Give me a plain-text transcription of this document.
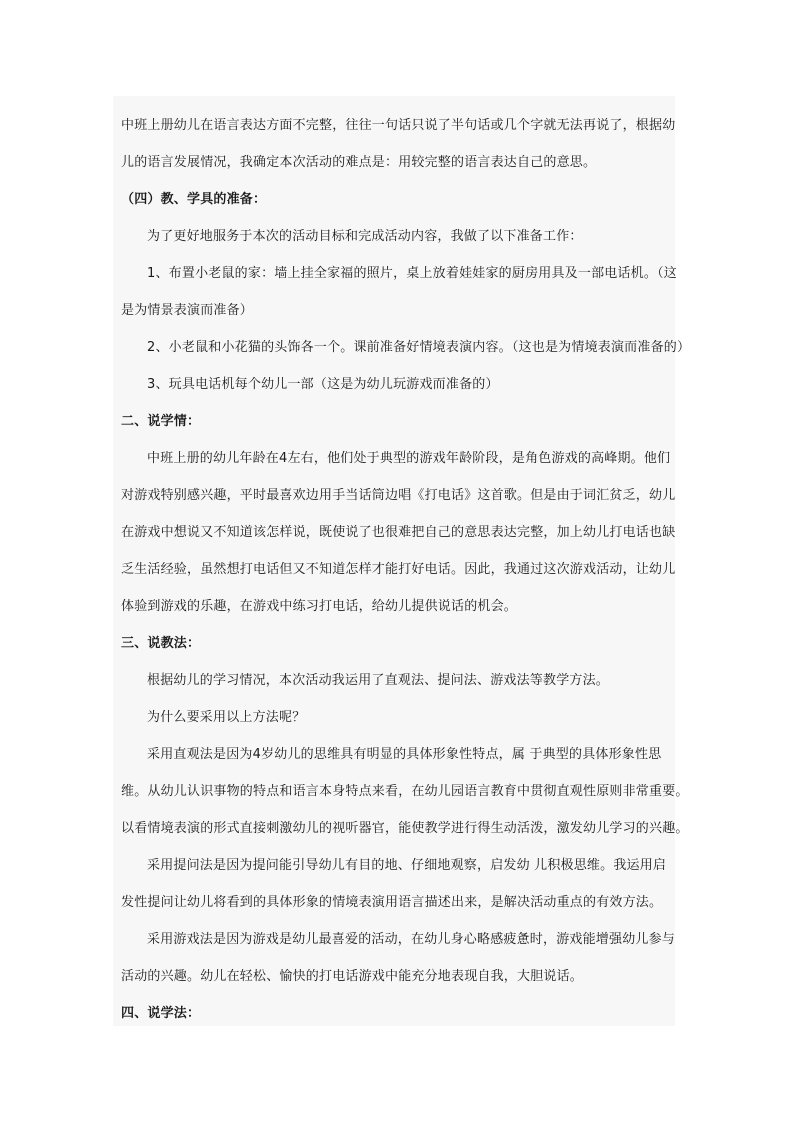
中班上册幼儿在语言表达方面不完整，往往一句话只说了半句话或几个字就无法再说了，根据幼

儿的语言发展情况，我确定本次活动的难点是：用较完整的语言表达自己的意思。

（四）教、学具的准备：

为了更好地服务于本次的活动目标和完成活动内容，我做了以下准备工作：

1、布置小老鼠的家：墙上挂全家福的照片，桌上放着娃娃家的厨房用具及一部电话机。（这

是为情景表演而准备）

2、小老鼠和小花猫的头饰各一个。课前准备好情境表演内容。（这也是为情境表演而准备的）

3、玩具电话机每个幼儿一部（这是为幼儿玩游戏而准备的）

二、说学情：

中班上册的幼儿年龄在4左右，他们处于典型的游戏年龄阶段，是角色游戏的高峰期。他们

对游戏特别感兴趣，平时最喜欢边用手当话筒边唱《打电话》这首歌。但是由于词汇贫乏，幼儿

在游戏中想说又不知道该怎样说，既使说了也很难把自己的意思表达完整，加上幼儿打电话也缺

乏生活经验，虽然想打电话但又不知道怎样才能打好电话。因此，我通过这次游戏活动，让幼儿

体验到游戏的乐趣，在游戏中练习打电话，给幼儿提供说话的机会。

三、说教法：

根据幼儿的学习情况，本次活动我运用了直观法、提问法、游戏法等教学方法。

为什么要采用以上方法呢？

采用直观法是因为4岁幼儿的思维具有明显的具体形象性特点，属 于典型的具体形象性思

维。从幼儿认识事物的特点和语言本身特点来看，在幼儿园语言教育中贯彻直观性原则非常重要。

以看情境表演的形式直接刺激幼儿的视听器官，能使教学进行得生动活泼，激发幼儿学习的兴趣。

采用提问法是因为提问能引导幼儿有目的地、仔细地观察，启发幼 儿积极思维。我运用启

发性提问让幼儿将看到的具体形象的情境表演用语言描述出来，是解决活动重点的有效方法。

采用游戏法是因为游戏是幼儿最喜爱的活动，在幼儿身心略感疲惫时，游戏能增强幼儿参与

活动的兴趣。幼儿在轻松、愉快的打电话游戏中能充分地表现自我，大胆说话。

四、说学法：
